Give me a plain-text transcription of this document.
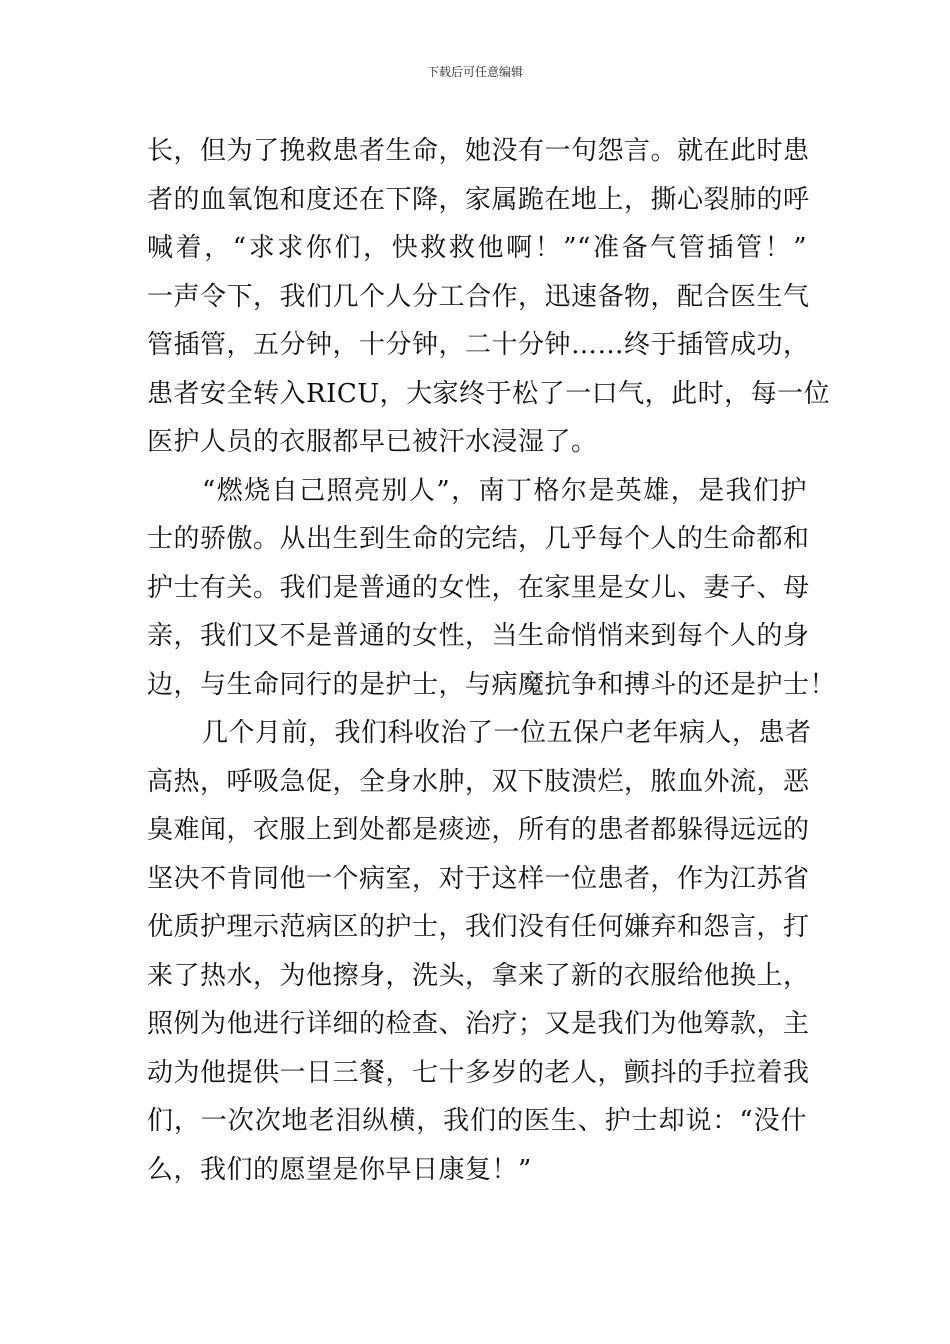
下载后可任意编辑
长，但为了挽救患者生命，她没有一句怨言。就在此时患
者的血氧饱和度还在下降，家属跪在地上，撕心裂肺的呼
喊着，“求求你们，快救救他啊！”“准备气管插管！”
一声令下，我们几个人分工合作，迅速备物，配合医生气
管插管，五分钟，十分钟，二十分钟……终于插管成功，
患者安全转入RICU，大家终于松了一口气，此时，每一位
医护人员的衣服都早已被汗水浸湿了。
“燃烧自己照亮别人”，南丁格尔是英雄，是我们护
士的骄傲。从出生到生命的完结，几乎每个人的生命都和
护士有关。我们是普通的女性，在家里是女儿、妻子、母
亲，我们又不是普通的女性，当生命悄悄来到每个人的身
边，与生命同行的是护士，与病魔抗争和搏斗的还是护士！
几个月前，我们科收治了一位五保户老年病人，患者
高热，呼吸急促，全身水肿，双下肢溃烂，脓血外流，恶
臭难闻，衣服上到处都是痰迹，所有的患者都躲得远远的
坚决不肯同他一个病室，对于这样一位患者，作为江苏省
优质护理示范病区的护士，我们没有任何嫌弃和怨言，打
来了热水，为他擦身，洗头，拿来了新的衣服给他换上，
照例为他进行详细的检查、治疗；又是我们为他筹款，主
动为他提供一日三餐，七十多岁的老人，颤抖的手拉着我
们，一次次地老泪纵横，我们的医生、护士却说：“没什
么，我们的愿望是你早日康复！”
